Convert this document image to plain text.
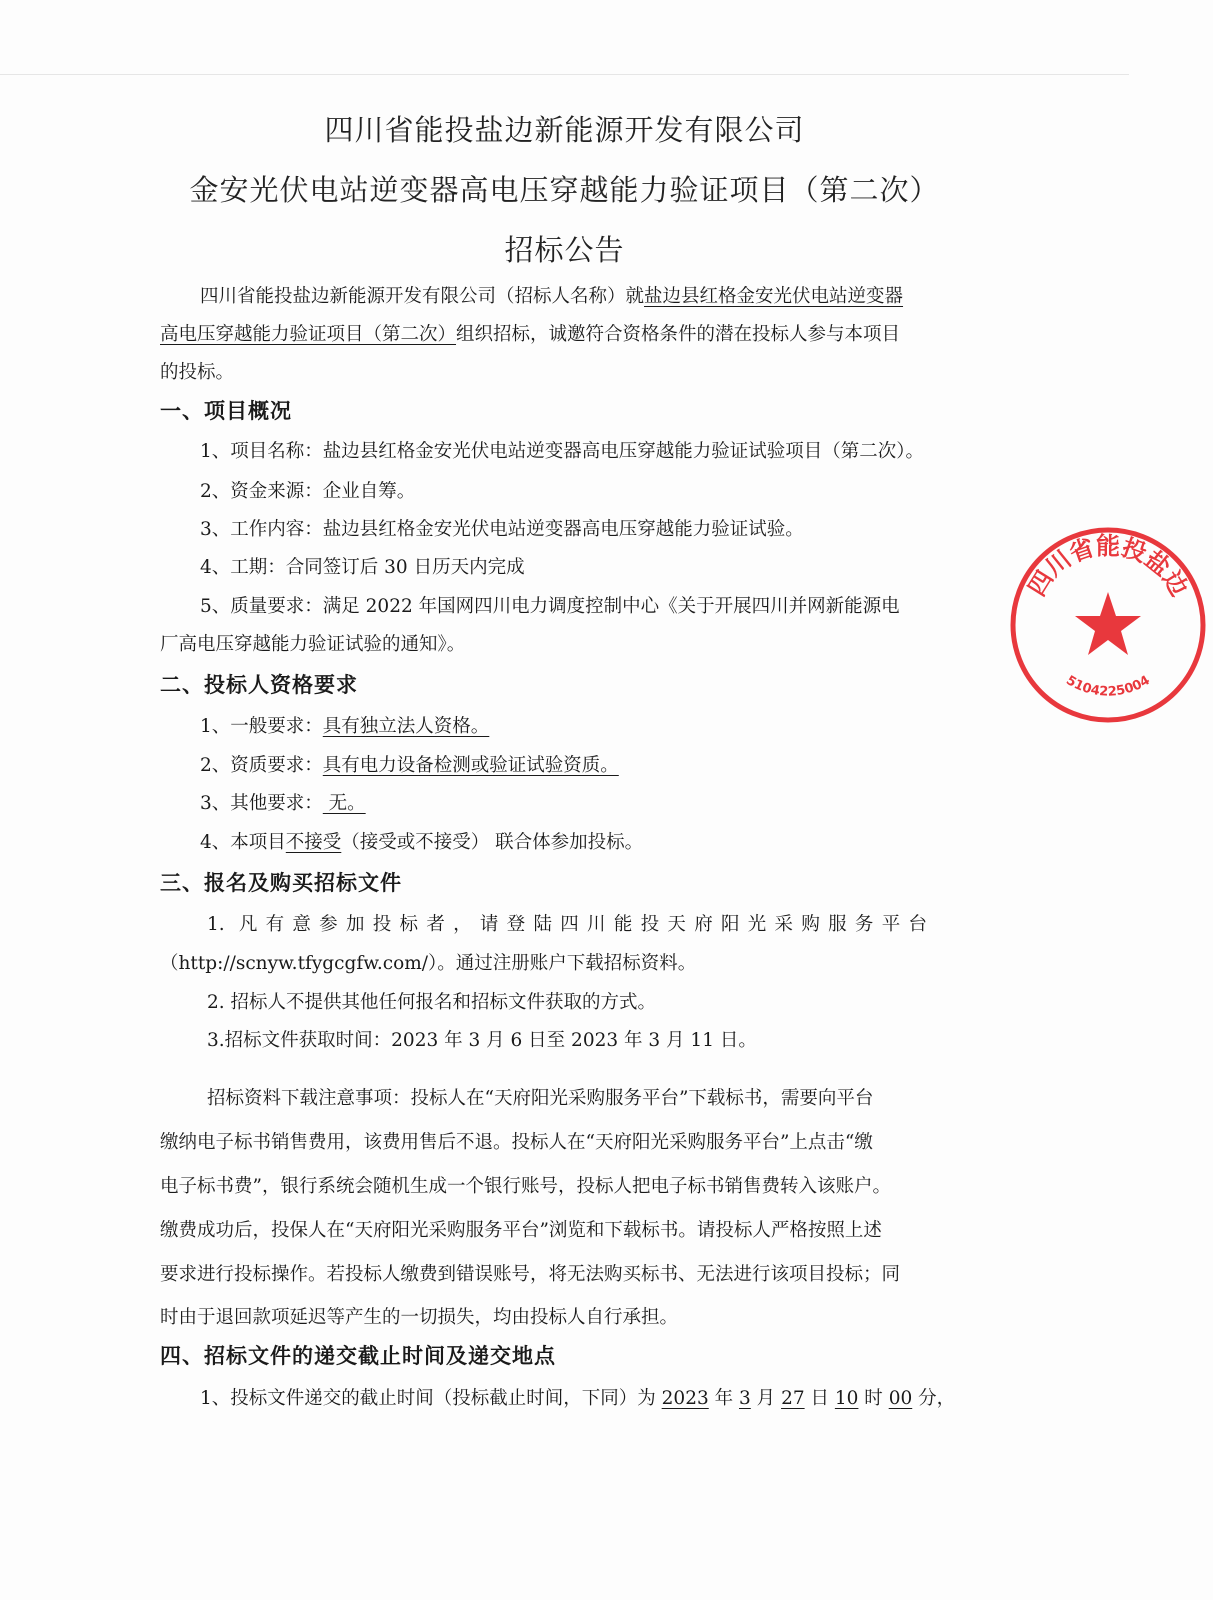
四川省能投盐边新能源开发有限公司
金安光伏电站逆变器高电压穿越能力验证项目（第二次）
招标公告
四川省能投盐边新能源开发有限公司（招标人名称）就盐边县红格金安光伏电站逆变器
高电压穿越能力验证项目（第二次）组织招标，诚邀符合资格条件的潜在投标人参与本项目
的投标。
一、项目概况
1、项目名称：盐边县红格金安光伏电站逆变器高电压穿越能力验证试验项目（第二次）。
2、资金来源：企业自筹。
3、工作内容：盐边县红格金安光伏电站逆变器高电压穿越能力验证试验。
4、工期：合同签订后 30 日历天内完成
5、质量要求：满足 2022 年国网四川电力调度控制中心《关于开展四川并网新能源电
厂高电压穿越能力验证试验的通知》。
二、投标人资格要求
1、一般要求：具有独立法人资格。
2、资质要求：具有电力设备检测或验证试验资质。
3、其他要求： 无。
4、本项目不接受（接受或不接受） 联合体参加投标。
三、报名及购买招标文件
1. 凡有意参加投标者，请登陆四川能投天府阳光采购服务平台
（http://scnyw.tfygcgfw.com/）。通过注册账户下载招标资料。
2. 招标人不提供其他任何报名和招标文件获取的方式。
3.招标文件获取时间：2023 年 3 月 6 日至 2023 年 3 月 11 日。
招标资料下载注意事项：投标人在“天府阳光采购服务平台”下载标书，需要向平台
缴纳电子标书销售费用，该费用售后不退。投标人在“天府阳光采购服务平台”上点击“缴
电子标书费”，银行系统会随机生成一个银行账号，投标人把电子标书销售费转入该账户。
缴费成功后，投保人在“天府阳光采购服务平台”浏览和下载标书。请投标人严格按照上述
要求进行投标操作。若投标人缴费到错误账号，将无法购买标书、无法进行该项目投标；同
时由于退回款项延迟等产生的一切损失，均由投标人自行承担。
四、招标文件的递交截止时间及递交地点
1、投标文件递交的截止时间（投标截止时间，下同）为 2023 年 3 月 27 日 10 时 00 分，
四川省能投盐边
5104225004
